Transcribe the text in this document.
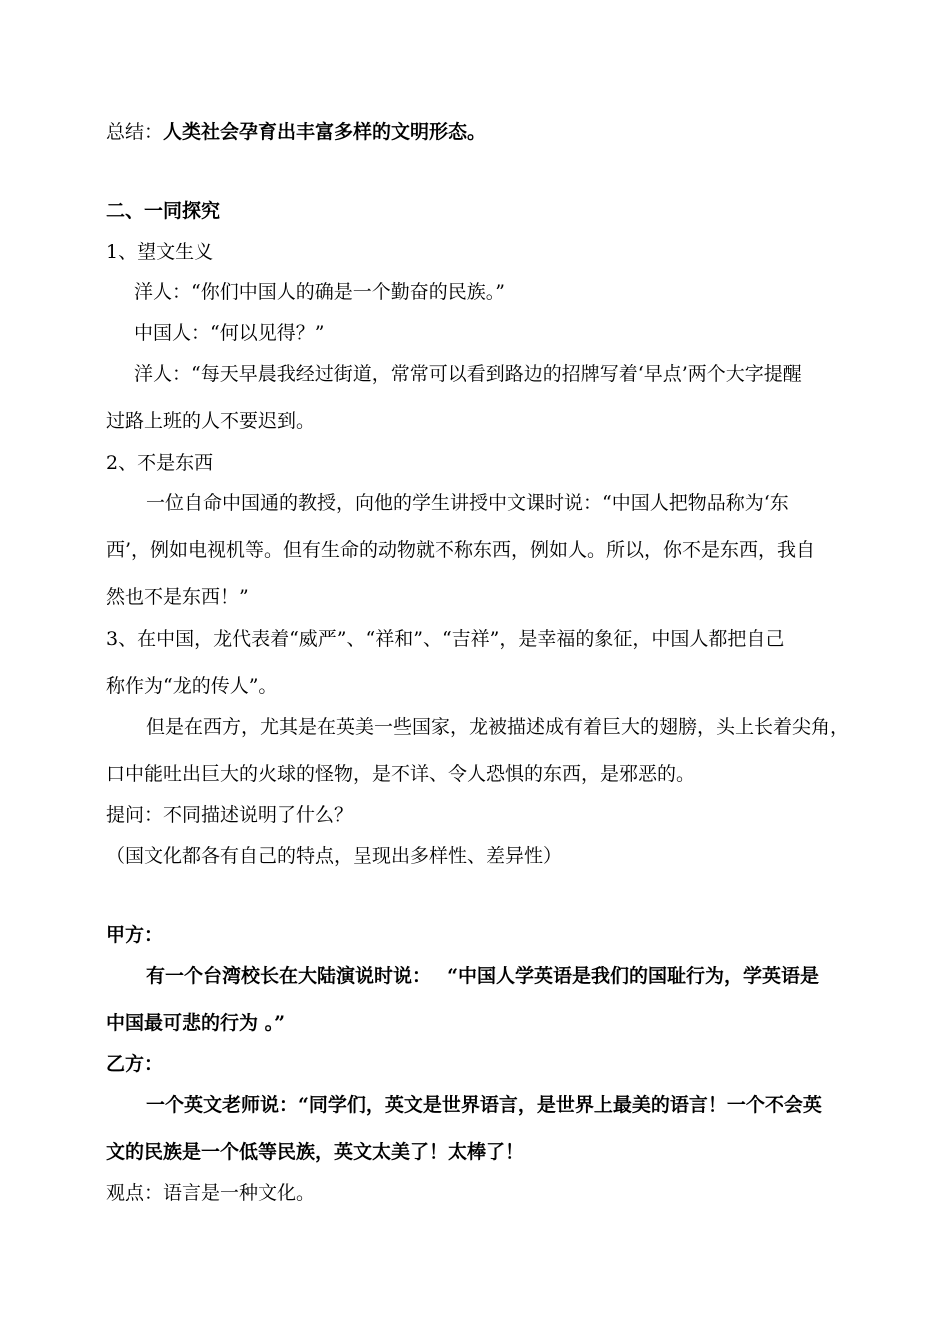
总结：人类社会孕育出丰富多样的文明形态。
二、一同探究
1、望文生义
洋人：“你们中国人的确是一个勤奋的民族。”
中国人：“何以见得？”
洋人：“每天早晨我经过街道，常常可以看到路边的招牌写着‘早点’两个大字提醒
过路上班的人不要迟到。
2、不是东西
一位自命中国通的教授，向他的学生讲授中文课时说：“中国人把物品称为‘东
西’，例如电视机等。但有生命的动物就不称东西，例如人。所以，你不是东西，我自
然也不是东西！”
3、在中国，龙代表着“威严”、“祥和”、“吉祥”，是幸福的象征，中国人都把自己
称作为“龙的传人”。
但是在西方，尤其是在英美一些国家，龙被描述成有着巨大的翅膀，头上长着尖角，
口中能吐出巨大的火球的怪物，是不详、令人恐惧的东西，是邪恶的。
提问：不同描述说明了什么？
（国文化都各有自己的特点，呈现出多样性、差异性）
甲方：
有一个台湾校长在大陆演说时说：　 “中国人学英语是我们的国耻行为，学英语是
中国最可悲的行为 。”
乙方：
一个英文老师说：“同学们，英文是世界语言，是世界上最美的语言！一个不会英
文的民族是一个低等民族，英文太美了！太棒了！
观点：语言是一种文化。
